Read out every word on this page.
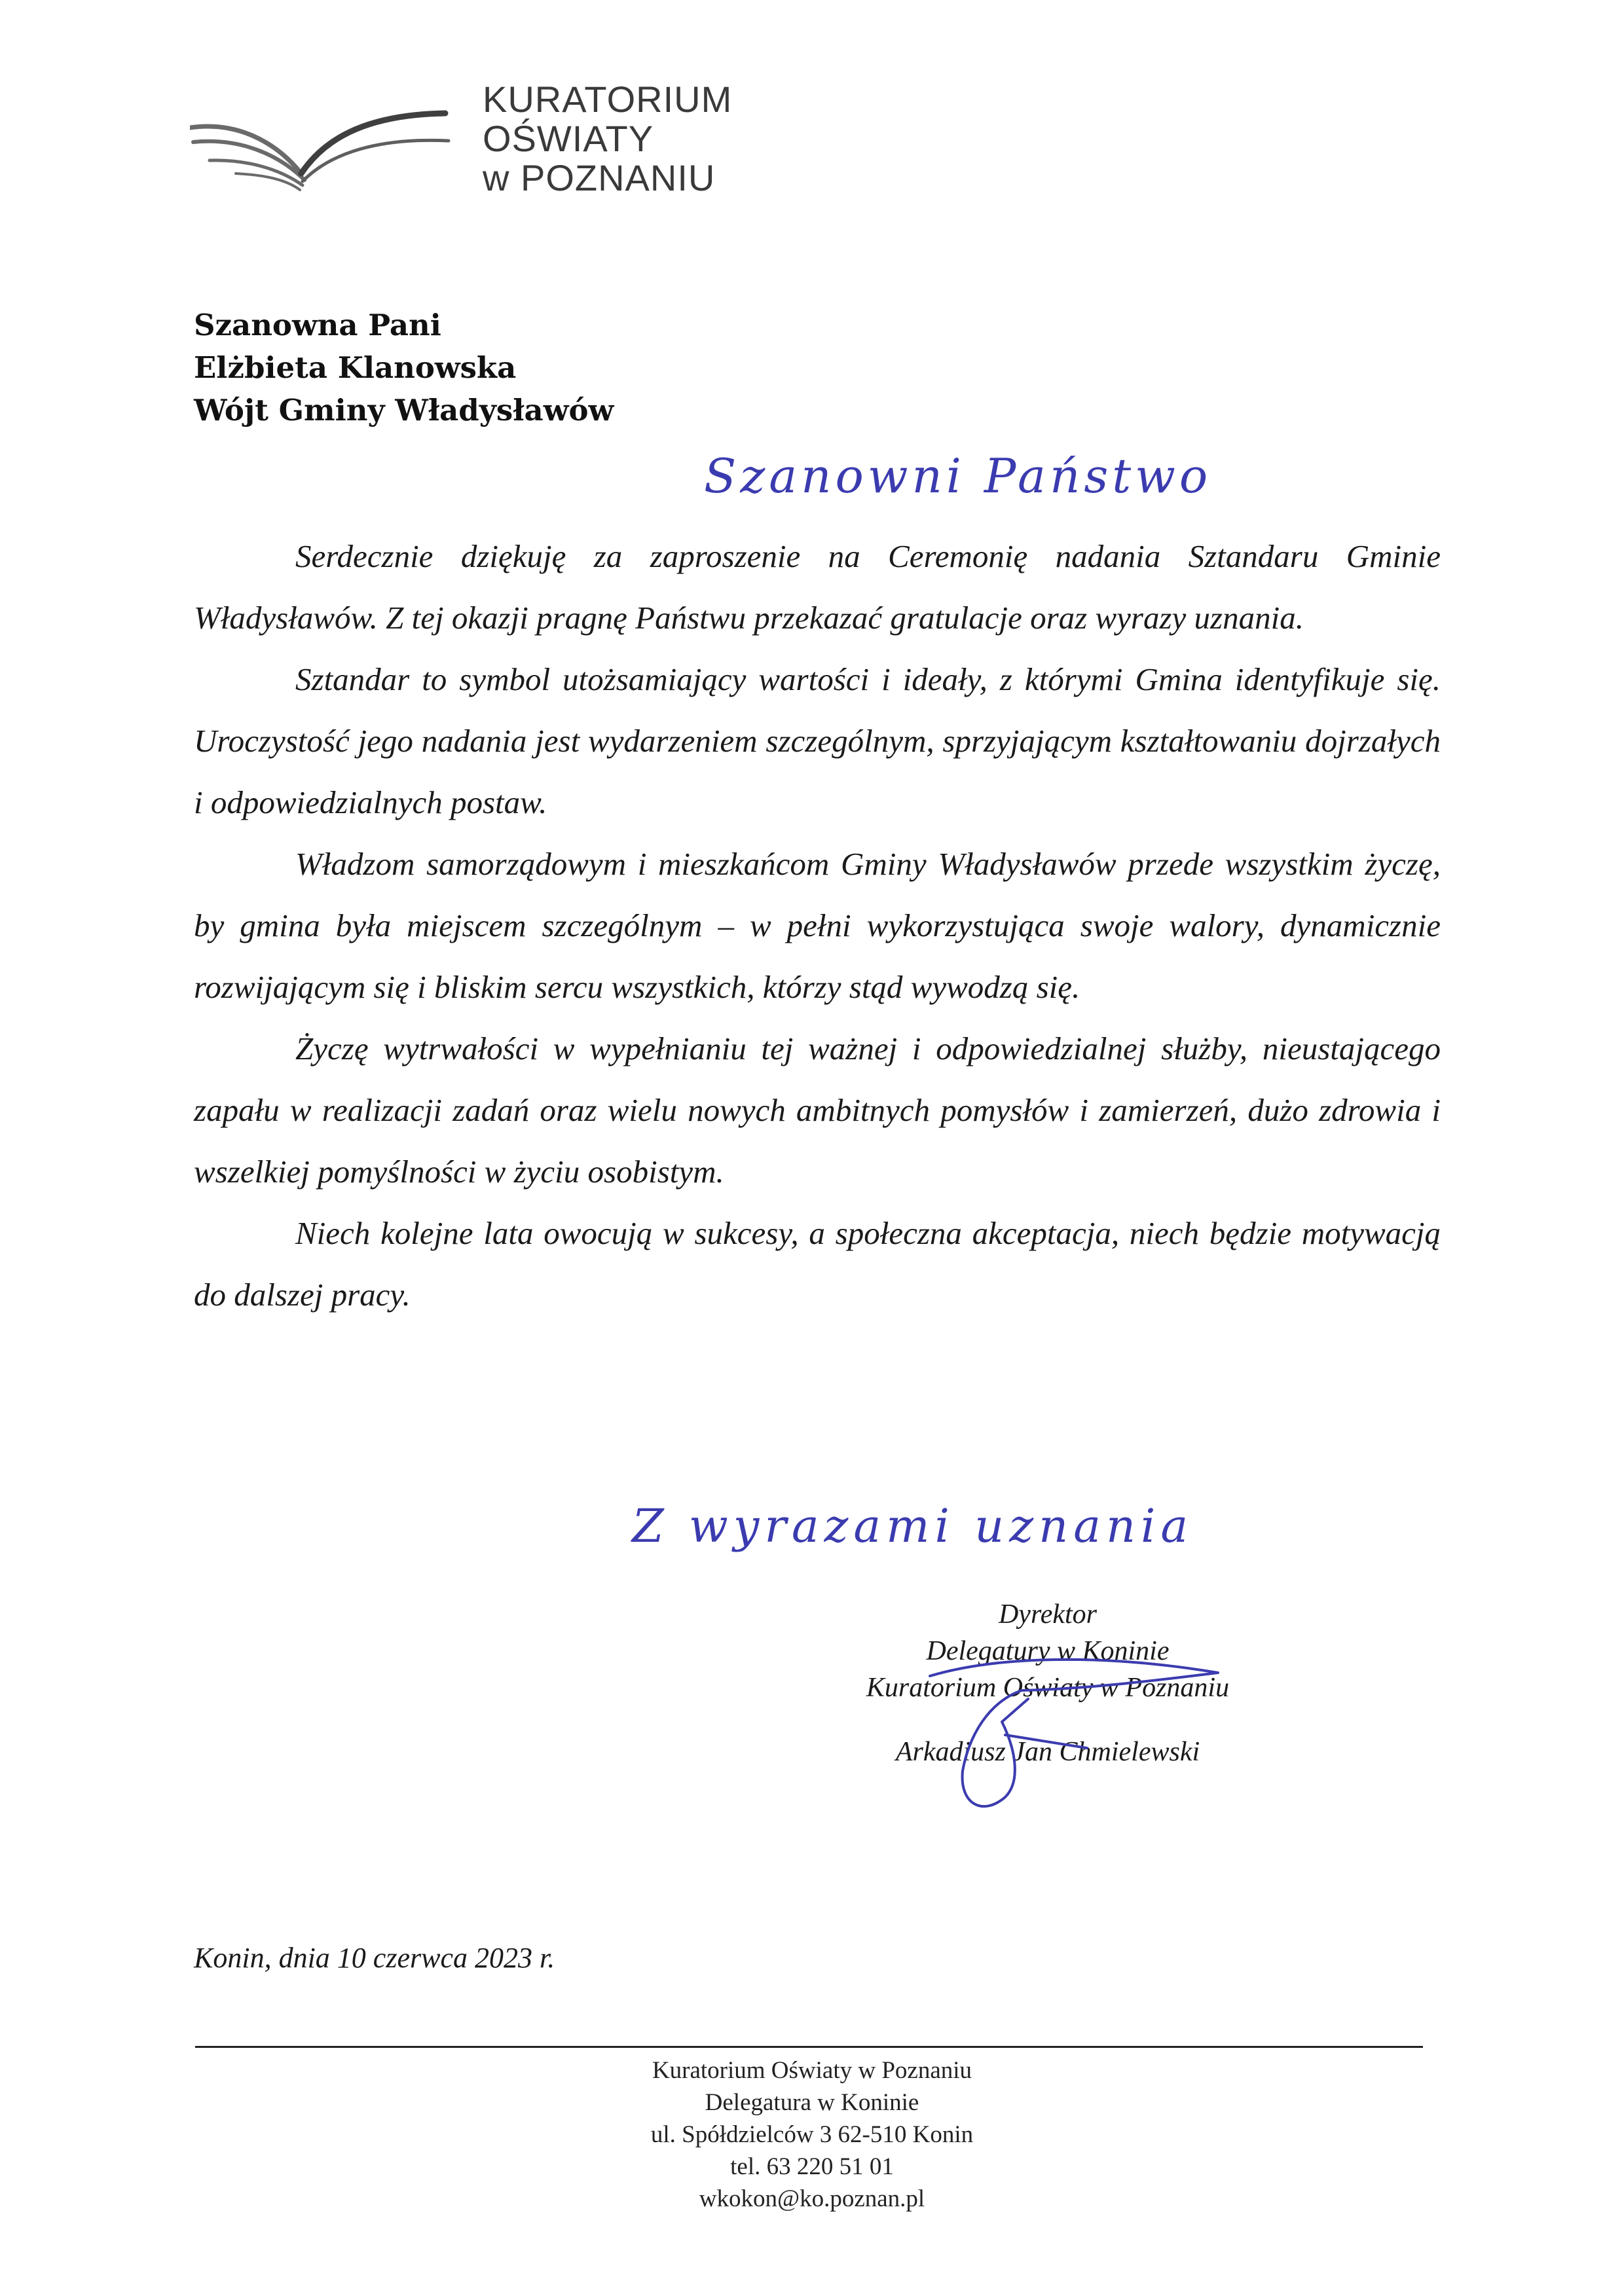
KURATORIUM
OŚWIATY
w POZNANIU
Szanowna Pani
Elżbieta Klanowska
Wójt Gminy Władysławów
Szanowni Państwo

Serdecznie dziękuję za zaproszenie na Ceremonię nadania Sztandaru Gminie Władysławów. Z tej okazji pragnę Państwu przekazać gratulacje oraz wyrazy uznania.

Sztandar to symbol utożsamiający wartości i ideały, z którymi Gmina identyfikuje się. Uroczystość jego nadania jest wydarzeniem szczególnym, sprzyjającym kształtowaniu dojrzałych i odpowiedzialnych postaw.

Władzom samorządowym i mieszkańcom Gminy Władysławów przede wszystkim życzę, by gmina była miejscem szczególnym – w pełni wykorzystująca swoje walory, dynamicznie rozwijającym się i bliskim sercu wszystkich, którzy stąd wywodzą się.

Życzę wytrwałości w wypełnianiu tej ważnej i odpowiedzialnej służby, nieustającego zapału w realizacji zadań oraz wielu nowych ambitnych pomysłów i zamierzeń, dużo zdrowia i wszelkiej pomyślności w życiu osobistym.

Niech kolejne lata owocują w sukcesy, a społeczna akceptacja, niech będzie motywacją do dalszej pracy.

Z wyrazami uznania
Dyrektor
Delegatury w Koninie
Kuratorium Oświaty w Poznaniu
Arkadiusz Jan Chmielewski
Konin, dnia 10 czerwca 2023 r.
Kuratorium Oświaty w Poznaniu
Delegatura w Koninie
ul. Spółdzielców 3 62-510 Konin
tel. 63 220 51 01
wkokon@ko.poznan.pl
